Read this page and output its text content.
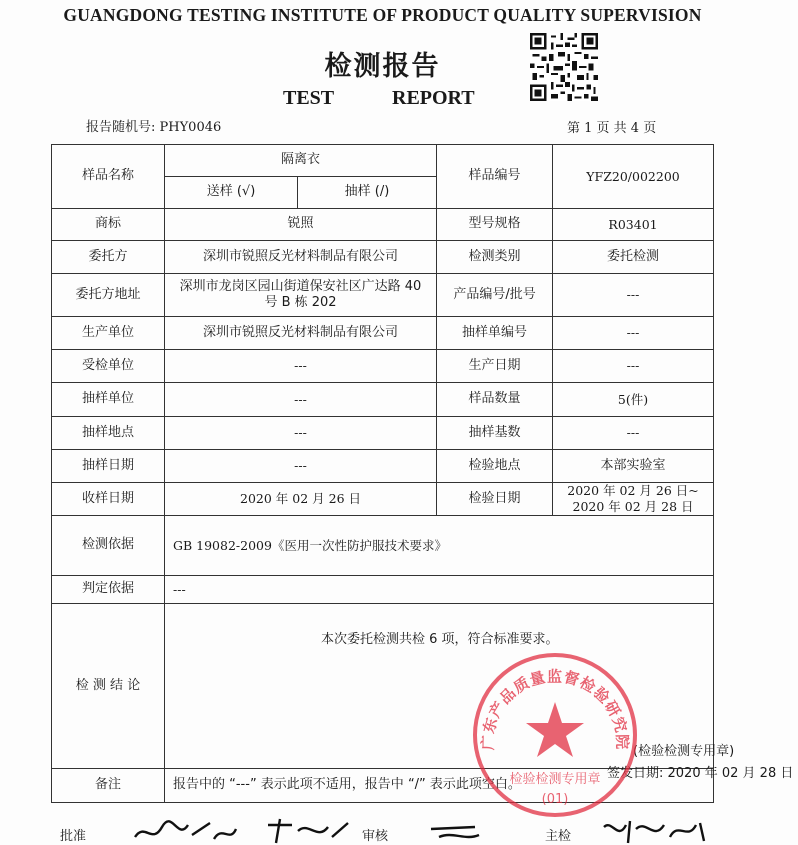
GUANGDONG TESTING INSTITUTE OF PRODUCT QUALITY SUPERVISION
检测报告
TEST	REPORT
报告随机号: PHY0046	第 1 页 共 4 页
样品名称	隔离衣		样品编号	YFZ20/002200
	送样 (√)	抽样 (/)		
商标	锐照		型号规格	R03401
委托方	深圳市锐照反光材料制品有限公司		检测类别	委托检测
委托方地址	深圳市龙岗区园山街道保安社区广达路 40
号 B 栋 202		产品编号/批号	---
生产单位	深圳市锐照反光材料制品有限公司		抽样单编号	---
受检单位	---		生产日期	---
抽样单位	---		样品数量	5(件)
抽样地点	---		抽样基数	---
抽样日期	---		检验地点	本部实验室
收样日期	2020 年 02 月 26 日		检验日期	2020 年 02 月 26 日~
2020 年 02 月 28 日

检测依据	GB 19082-2009《医用一次性防护服技术要求》			
判定依据	---			
检 测 结 论	本次委托检测共检 6 项，符合标准要求。
(检验检测专用章)
签发日期: 2020 年 02 月 28 日			

备注	报告中的 “---” 表示此项不适用，报告中 “/” 表示此项空白。			
广东产品质量监督检验研究院
检验检测专用章
(01)
批准	审核	主检
